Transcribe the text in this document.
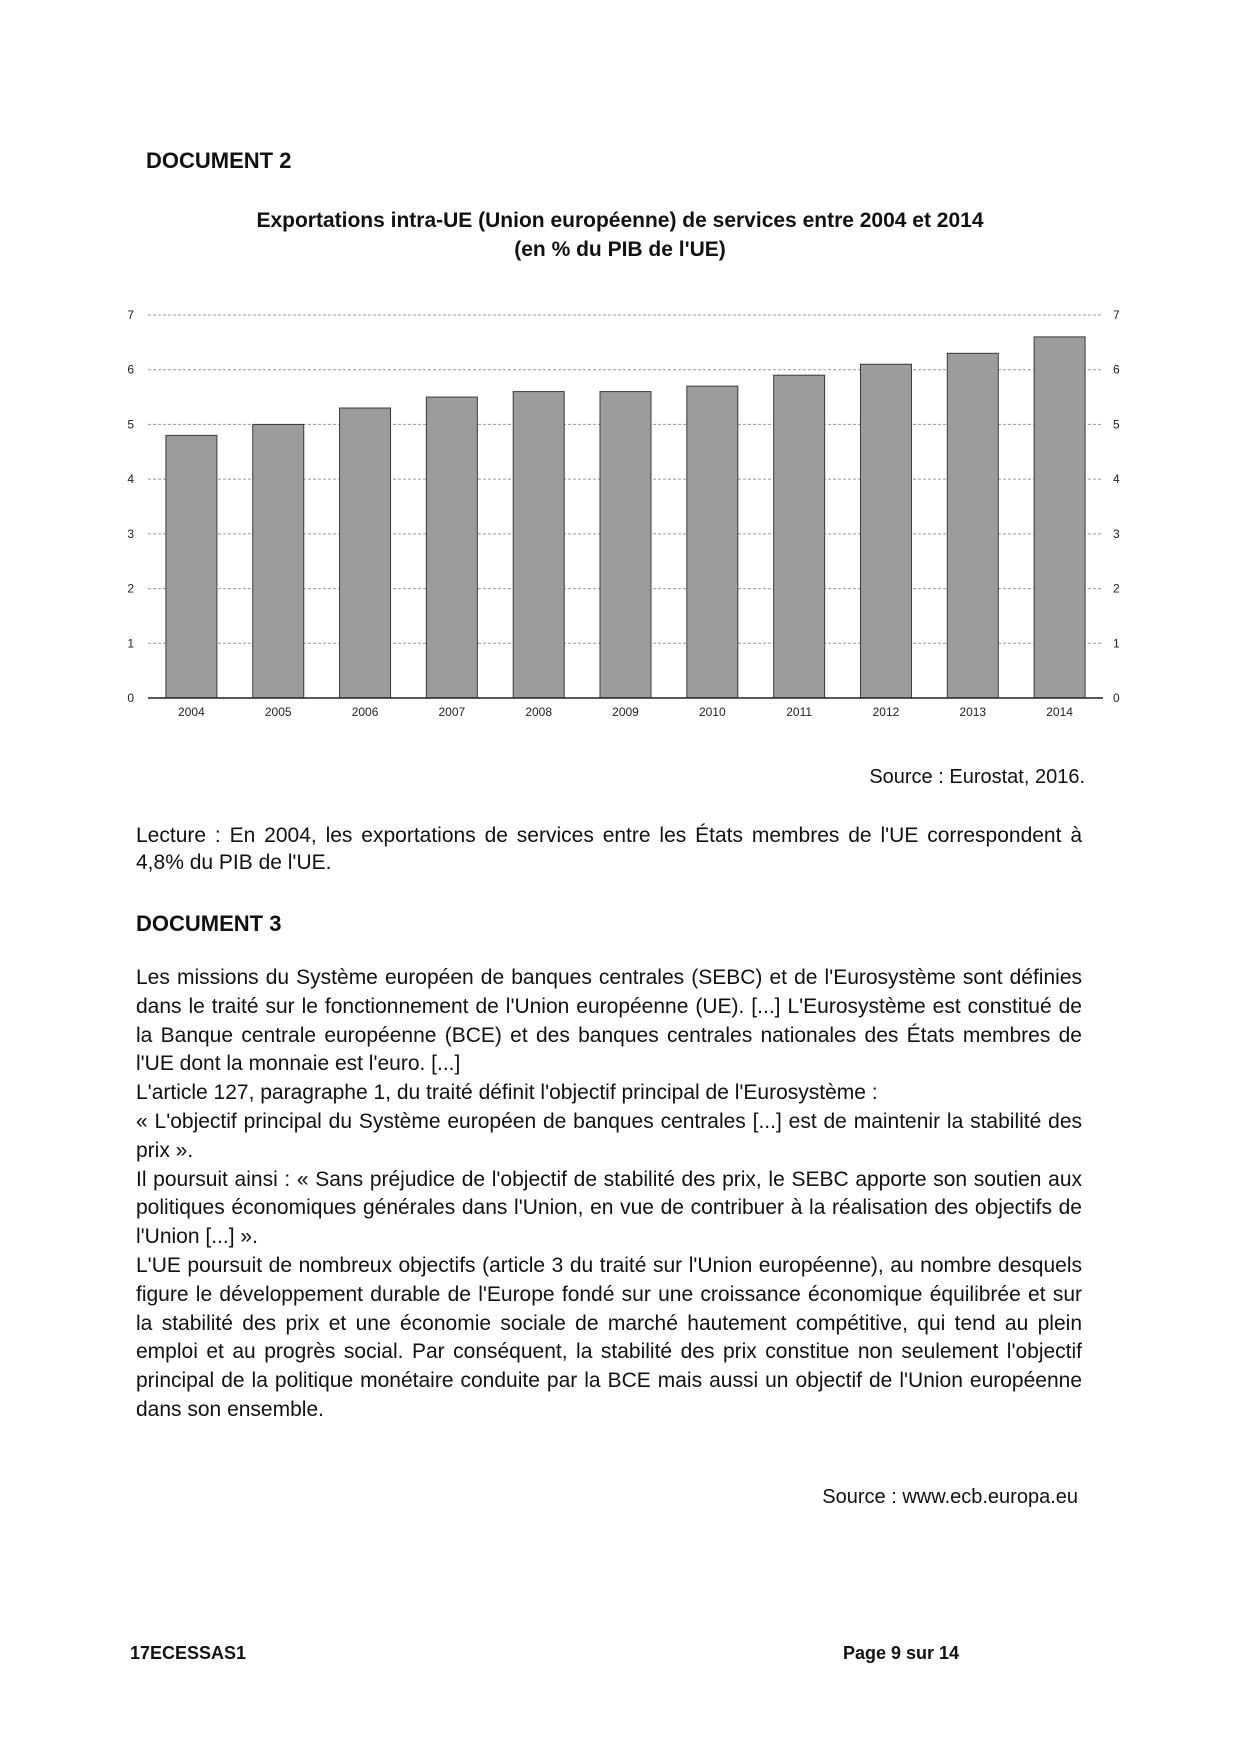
DOCUMENT 2
Exportations intra-UE (Union européenne) de services entre 2004 et 2014
(en % du PIB de l'UE)
0	0
1	1
2	2
3	3
4	4
5	5
6	6
7	7
2004	2005	2006	2007	2008	2009	2010	2011	2012	2013	2014
Source : Eurostat, 2016.
Lecture : En 2004, les exportations de services entre les États membres de l'UE correspondent à 4,8% du PIB de l'UE.
DOCUMENT 3

Les missions du Système européen de banques centrales (SEBC) et de l'Eurosystème sont définies dans le traité sur le fonctionnement de l'Union européenne (UE). [...] L'Eurosystème est constitué de la Banque centrale européenne (BCE) et des banques centrales nationales des États membres de l'UE dont la monnaie est l'euro. [...]

L'article 127, paragraphe 1, du traité définit l'objectif principal de l'Eurosystème :

« L'objectif principal du Système européen de banques centrales [...] est de maintenir la stabilité des prix ».

Il poursuit ainsi : « Sans préjudice de l'objectif de stabilité des prix, le SEBC apporte son soutien aux politiques économiques générales dans l'Union, en vue de contribuer à la réalisation des objectifs de l'Union [...] ».

L'UE poursuit de nombreux objectifs (article 3 du traité sur l'Union européenne), au nombre desquels figure le développement durable de l'Europe fondé sur une croissance économique équilibrée et sur la stabilité des prix et une économie sociale de marché hautement compétitive, qui tend au plein emploi et au progrès social. Par conséquent, la stabilité des prix constitue non seulement l'objectif principal de la politique monétaire conduite par la BCE mais aussi un objectif de l'Union européenne dans son ensemble.

Source : www.ecb.europa.eu
17ECESSAS1	Page 9 sur 14
